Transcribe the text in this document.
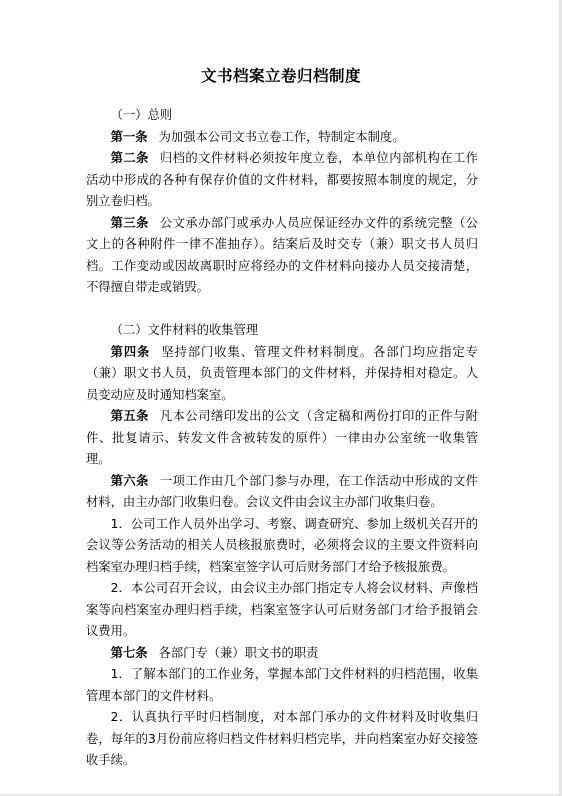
文书档案立卷归档制度

（一）总则

第一条 为加强本公司文书立卷工作，特制定本制度。

第二条 归档的文件材料必须按年度立卷，本单位内部机构在工作活动中形成的各种有保存价值的文件材料，都要按照本制度的规定，分别立卷归档。

第三条 公文承办部门或承办人员应保证经办文件的系统完整（公文上的各种附件一律不准抽存）。结案后及时交专（兼）职文书人员归档。工作变动或因故离职时应将经办的文件材料向接办人员交接清楚，不得擅自带走或销毁。

（二）文件材料的收集管理

第四条 坚持部门收集、管理文件材料制度。各部门均应指定专（兼）职文书人员，负责管理本部门的文件材料，并保持相对稳定。人员变动应及时通知档案室。

第五条 凡本公司缮印发出的公文（含定稿和两份打印的正件与附件、批复请示、转发文件含被转发的原件）一律由办公室统一收集管理。

第六条 一项工作由几个部门参与办理，在工作活动中形成的文件材料，由主办部门收集归卷。会议文件由会议主办部门收集归卷。

1．公司工作人员外出学习、考察、调查研究、参加上级机关召开的会议等公务活动的相关人员核报旅费时，必须将会议的主要文件资料向档案室办理归档手续，档案室签字认可后财务部门才给予核报旅费。

2．本公司召开会议，由会议主办部门指定专人将会议材料、声像档案等向档案室办理归档手续，档案室签字认可后财务部门才给予报销会议费用。

第七条 各部门专（兼）职文书的职责

1．了解本部门的工作业务，掌握本部门文件材料的归档范围，收集管理本部门的文件材料。

2．认真执行平时归档制度，对本部门承办的文件材料及时收集归卷，每年的3月份前应将归档文件材料归档完毕，并向档案室办好交接签收手续。
